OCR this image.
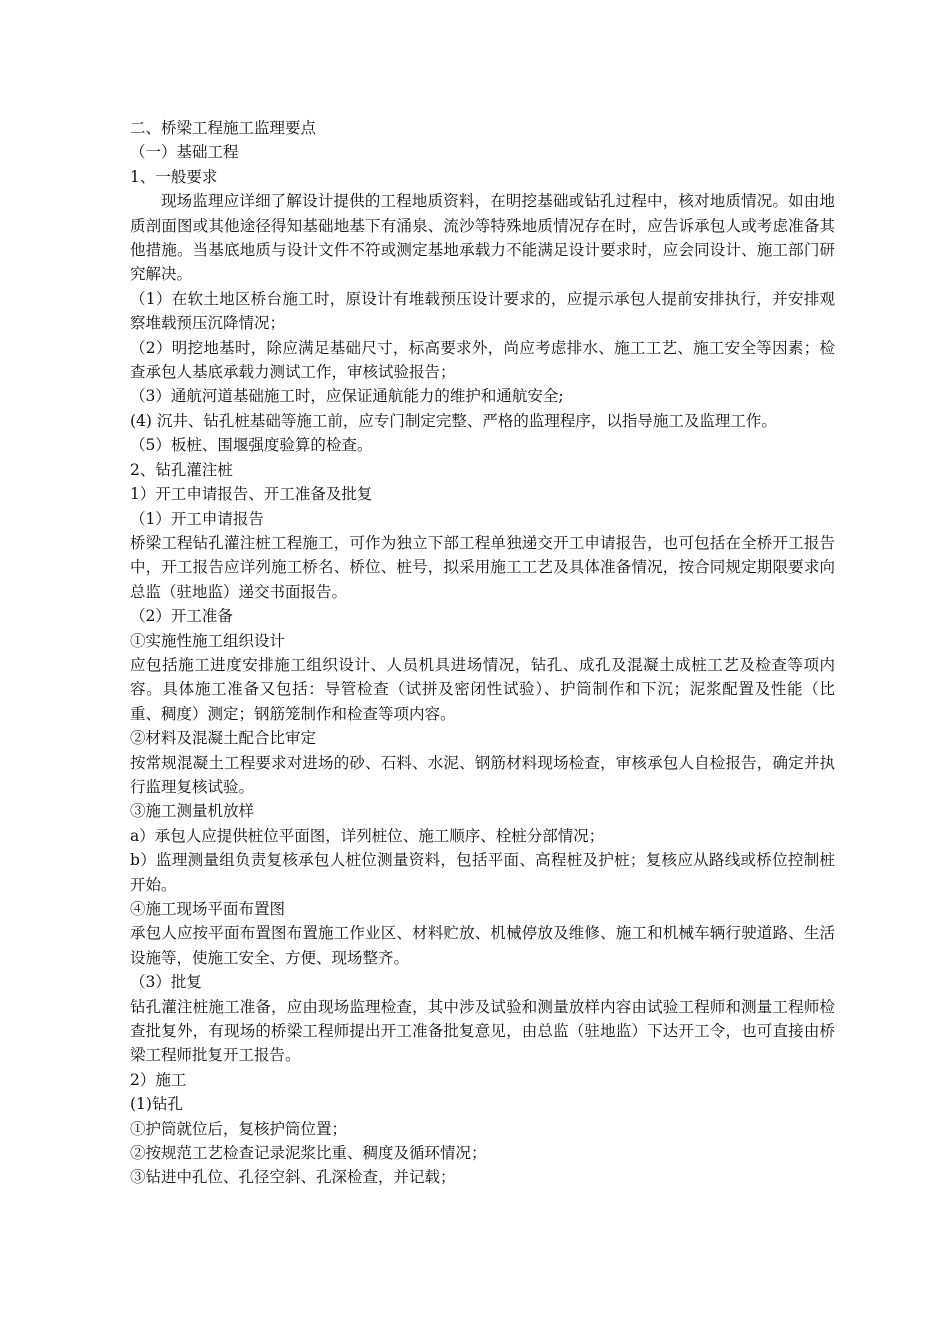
二、桥梁工程施工监理要点

（一）基础工程

1、一般要求

现场监理应详细了解设计提供的工程地质资料，在明挖基础或钻孔过程中，核对地质情况。如由地质剖面图或其他途径得知基础地基下有涌泉、流沙等特殊地质情况存在时，应告诉承包人或考虑准备其他措施。当基底地质与设计文件不符或测定基地承载力不能满足设计要求时，应会同设计、施工部门研究解决。

（1）在软土地区桥台施工时，原设计有堆载预压设计要求的，应提示承包人提前安排执行，并安排观察堆载预压沉降情况；

（2）明挖地基时，除应满足基础尺寸，标高要求外，尚应考虑排水、施工工艺、施工安全等因素；检查承包人基底承载力测试工作，审核试验报告；

（3）通航河道基础施工时，应保证通航能力的维护和通航安全;

(4) 沉井、钻孔桩基础等施工前，应专门制定完整、严格的监理程序，以指导施工及监理工作。

（5）板桩、围堰强度验算的检查。

2、钻孔灌注桩

1）开工申请报告、开工准备及批复

（1）开工申请报告

桥梁工程钻孔灌注桩工程施工，可作为独立下部工程单独递交开工申请报告，也可包括在全桥开工报告中，开工报告应详列施工桥名、桥位、桩号，拟采用施工工艺及具体准备情况，按合同规定期限要求向总监（驻地监）递交书面报告。

（2）开工准备

①实施性施工组织设计

应包括施工进度安排施工组织设计、人员机具进场情况，钻孔、成孔及混凝土成桩工艺及检查等项内容。具体施工准备又包括：导管检查（试拼及密闭性试验）、护筒制作和下沉；泥浆配置及性能（比重、稠度）测定；钢筋笼制作和检查等项内容。

②材料及混凝土配合比审定

按常规混凝土工程要求对进场的砂、石料、水泥、钢筋材料现场检查，审核承包人自检报告，确定并执行监理复核试验。

③施工测量机放样

a）承包人应提供桩位平面图，详列桩位、施工顺序、栓桩分部情况；

b）监理测量组负责复核承包人桩位测量资料，包括平面、高程桩及护桩；复核应从路线或桥位控制桩开始。

④施工现场平面布置图

承包人应按平面布置图布置施工作业区、材料贮放、机械停放及维修、施工和机械车辆行驶道路、生活设施等，使施工安全、方便、现场整齐。

（3）批复

钻孔灌注桩施工准备，应由现场监理检查，其中涉及试验和测量放样内容由试验工程师和测量工程师检查批复外，有现场的桥梁工程师提出开工准备批复意见，由总监（驻地监）下达开工令，也可直接由桥梁工程师批复开工报告。

2）施工

(1)钻孔

①护筒就位后，复核护筒位置；

②按规范工艺检查记录泥浆比重、稠度及循环情况；

③钻进中孔位、孔径空斜、孔深检查，并记载；
